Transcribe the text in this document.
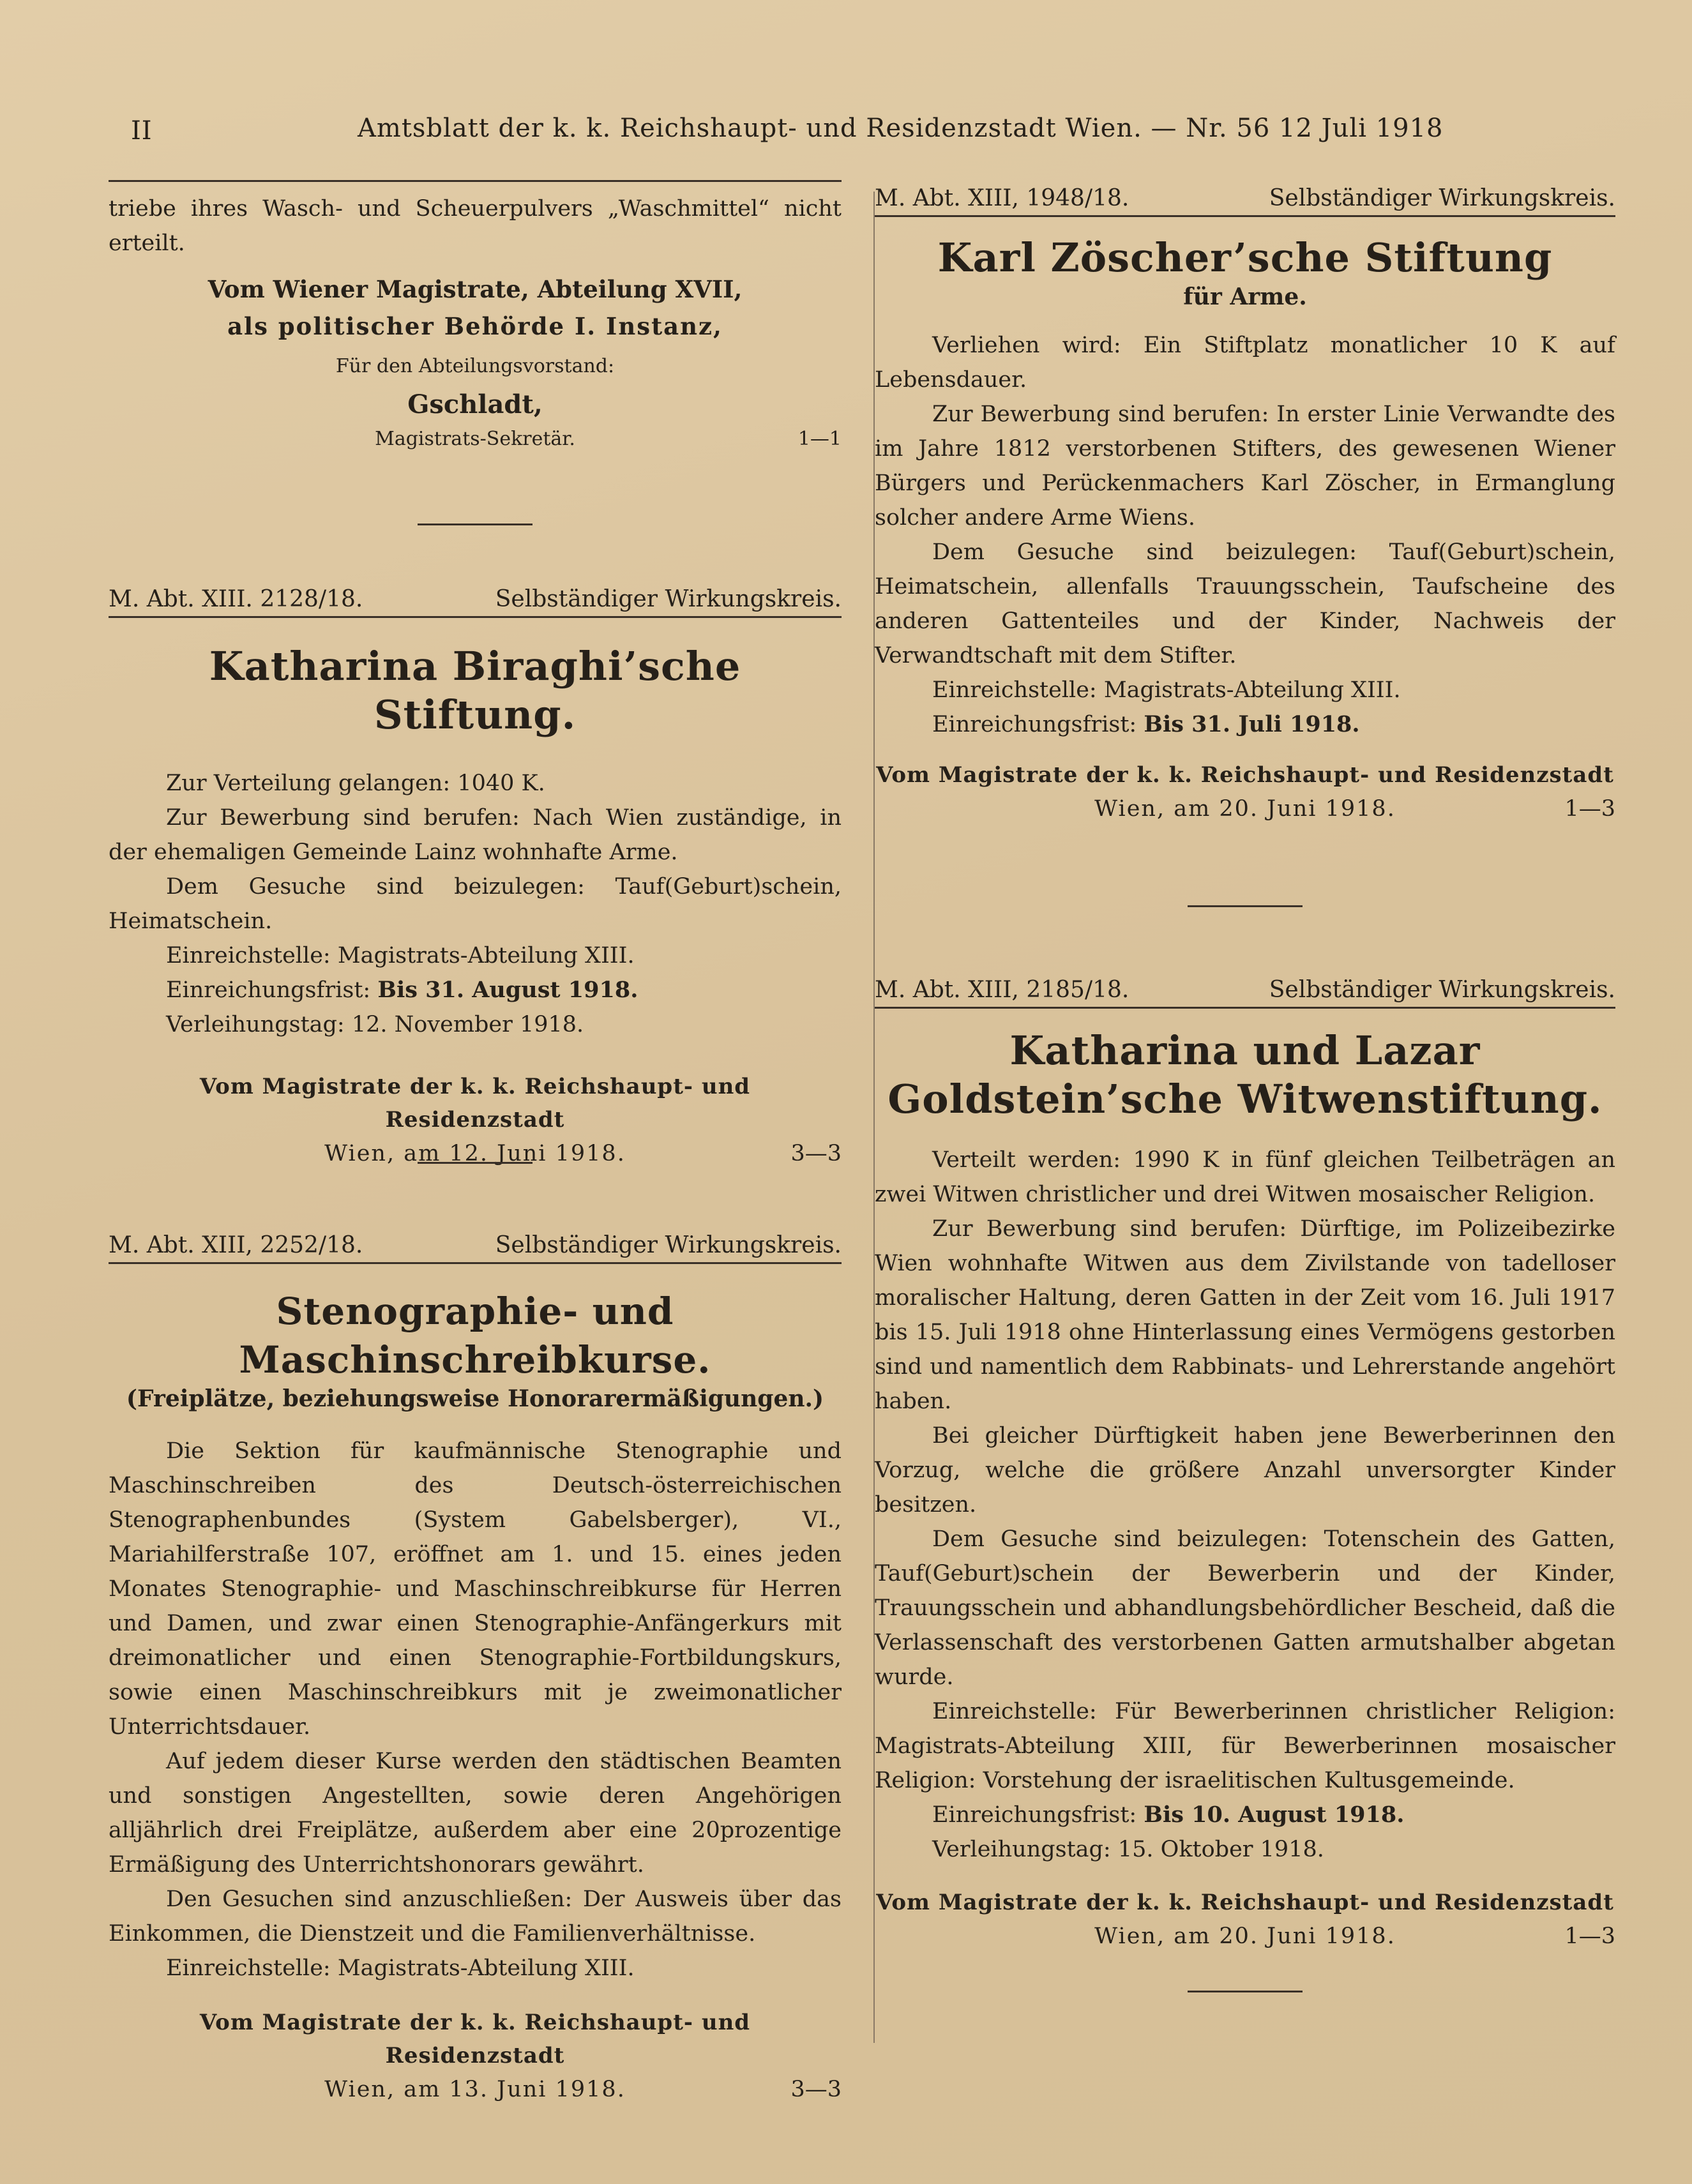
II	Amtsblatt der k. k. Reichshaupt- und Residenzstadt Wien. — Nr. 56 12 Juli 1918

triebe ihres Wasch- und Scheuerpulvers „Waschmittel“ nicht erteilt.

Vom Wiener Magistrate, Abteilung XVII,
als politischer Behörde I. Instanz,
Für den Abteilungsvorstand:
Gschladt,
Magistrats-Sekretär.	1—1
M. Abt. XIII. 2128/18.	Selbständiger Wirkungskreis.
Katharina Biraghi’sche Stiftung.

Zur Verteilung gelangen: 1040 K.

Zur Bewerbung sind berufen: Nach Wien zuständige, in der ehemaligen Gemeinde Lainz wohnhafte Arme.

Dem Gesuche sind beizulegen: Tauf(Geburt)schein, Heimatschein.

Einreichstelle: Magistrats-Abteilung XIII.

Einreichungsfrist: Bis 31. August 1918.

Verleihungstag: 12. November 1918.

Vom Magistrate der k. k. Reichshaupt- und Residenzstadt
Wien, am 12. Juni 1918.	3—3
M. Abt. XIII, 2252/18.	Selbständiger Wirkungskreis.
Stenographie- und Maschinschreibkurse.
(Freiplätze, beziehungsweise Honorarermäßigungen.)

Die Sektion für kaufmännische Stenographie und Maschinschreiben des Deutsch-österreichischen Stenographenbundes (System Gabelsberger), VI., Mariahilferstraße 107, eröffnet am 1. und 15. eines jeden Monates Stenographie- und Maschinschreibkurse für Herren und Damen, und zwar einen Stenographie-Anfängerkurs mit dreimonatlicher und einen Stenographie-Fortbildungskurs, sowie einen Maschinschreibkurs mit je zweimonatlicher Unterrichtsdauer.

Auf jedem dieser Kurse werden den städtischen Beamten und sonstigen Angestellten, sowie deren Angehörigen alljährlich drei Freiplätze, außerdem aber eine 20prozentige Ermäßigung des Unterrichtshonorars gewährt.

Den Gesuchen sind anzuschließen: Der Ausweis über das Einkommen, die Dienstzeit und die Familienverhältnisse.

Einreichstelle: Magistrats-Abteilung XIII.

Vom Magistrate der k. k. Reichshaupt- und Residenzstadt
Wien, am 13. Juni 1918.	3—3
M. Abt. XIII, 1948/18.	Selbständiger Wirkungskreis.
Karl Zöscher’sche Stiftung
für Arme.

Verliehen wird: Ein Stiftplatz monatlicher 10 K auf Lebensdauer.

Zur Bewerbung sind berufen: In erster Linie Verwandte des im Jahre 1812 verstorbenen Stifters, des gewesenen Wiener Bürgers und Perückenmachers Karl Zöscher, in Ermanglung solcher andere Arme Wiens.

Dem Gesuche sind beizulegen: Tauf(Geburt)schein, Heimatschein, allenfalls Trauungsschein, Taufscheine des anderen Gattenteiles und der Kinder, Nachweis der Verwandtschaft mit dem Stifter.

Einreichstelle: Magistrats-Abteilung XIII.

Einreichungsfrist: Bis 31. Juli 1918.

Vom Magistrate der k. k. Reichshaupt- und Residenzstadt
Wien, am 20. Juni 1918.	1—3
M. Abt. XIII, 2185/18.	Selbständiger Wirkungskreis.
Katharina und Lazar Goldstein’sche Witwenstiftung.

Verteilt werden: 1990 K in fünf gleichen Teilbeträgen an zwei Witwen christlicher und drei Witwen mosaischer Religion.

Zur Bewerbung sind berufen: Dürftige, im Polizeibezirke Wien wohnhafte Witwen aus dem Zivilstande von tadelloser moralischer Haltung, deren Gatten in der Zeit vom 16. Juli 1917 bis 15. Juli 1918 ohne Hinterlassung eines Vermögens gestorben sind und namentlich dem Rabbinats- und Lehrerstande angehört haben.

Bei gleicher Dürftigkeit haben jene Bewerberinnen den Vorzug, welche die größere Anzahl unversorgter Kinder besitzen.

Dem Gesuche sind beizulegen: Totenschein des Gatten, Tauf(Geburt)schein der Bewerberin und der Kinder, Trauungsschein und abhandlungsbehördlicher Bescheid, daß die Verlassenschaft des verstorbenen Gatten armutshalber abgetan wurde.

Einreichstelle: Für Bewerberinnen christlicher Religion: Magistrats-Abteilung XIII, für Bewerberinnen mosaischer Religion: Vorstehung der israelitischen Kultusgemeinde.

Einreichungsfrist: Bis 10. August 1918.

Verleihungstag: 15. Oktober 1918.

Vom Magistrate der k. k. Reichshaupt- und Residenzstadt
Wien, am 20. Juni 1918.	1—3
